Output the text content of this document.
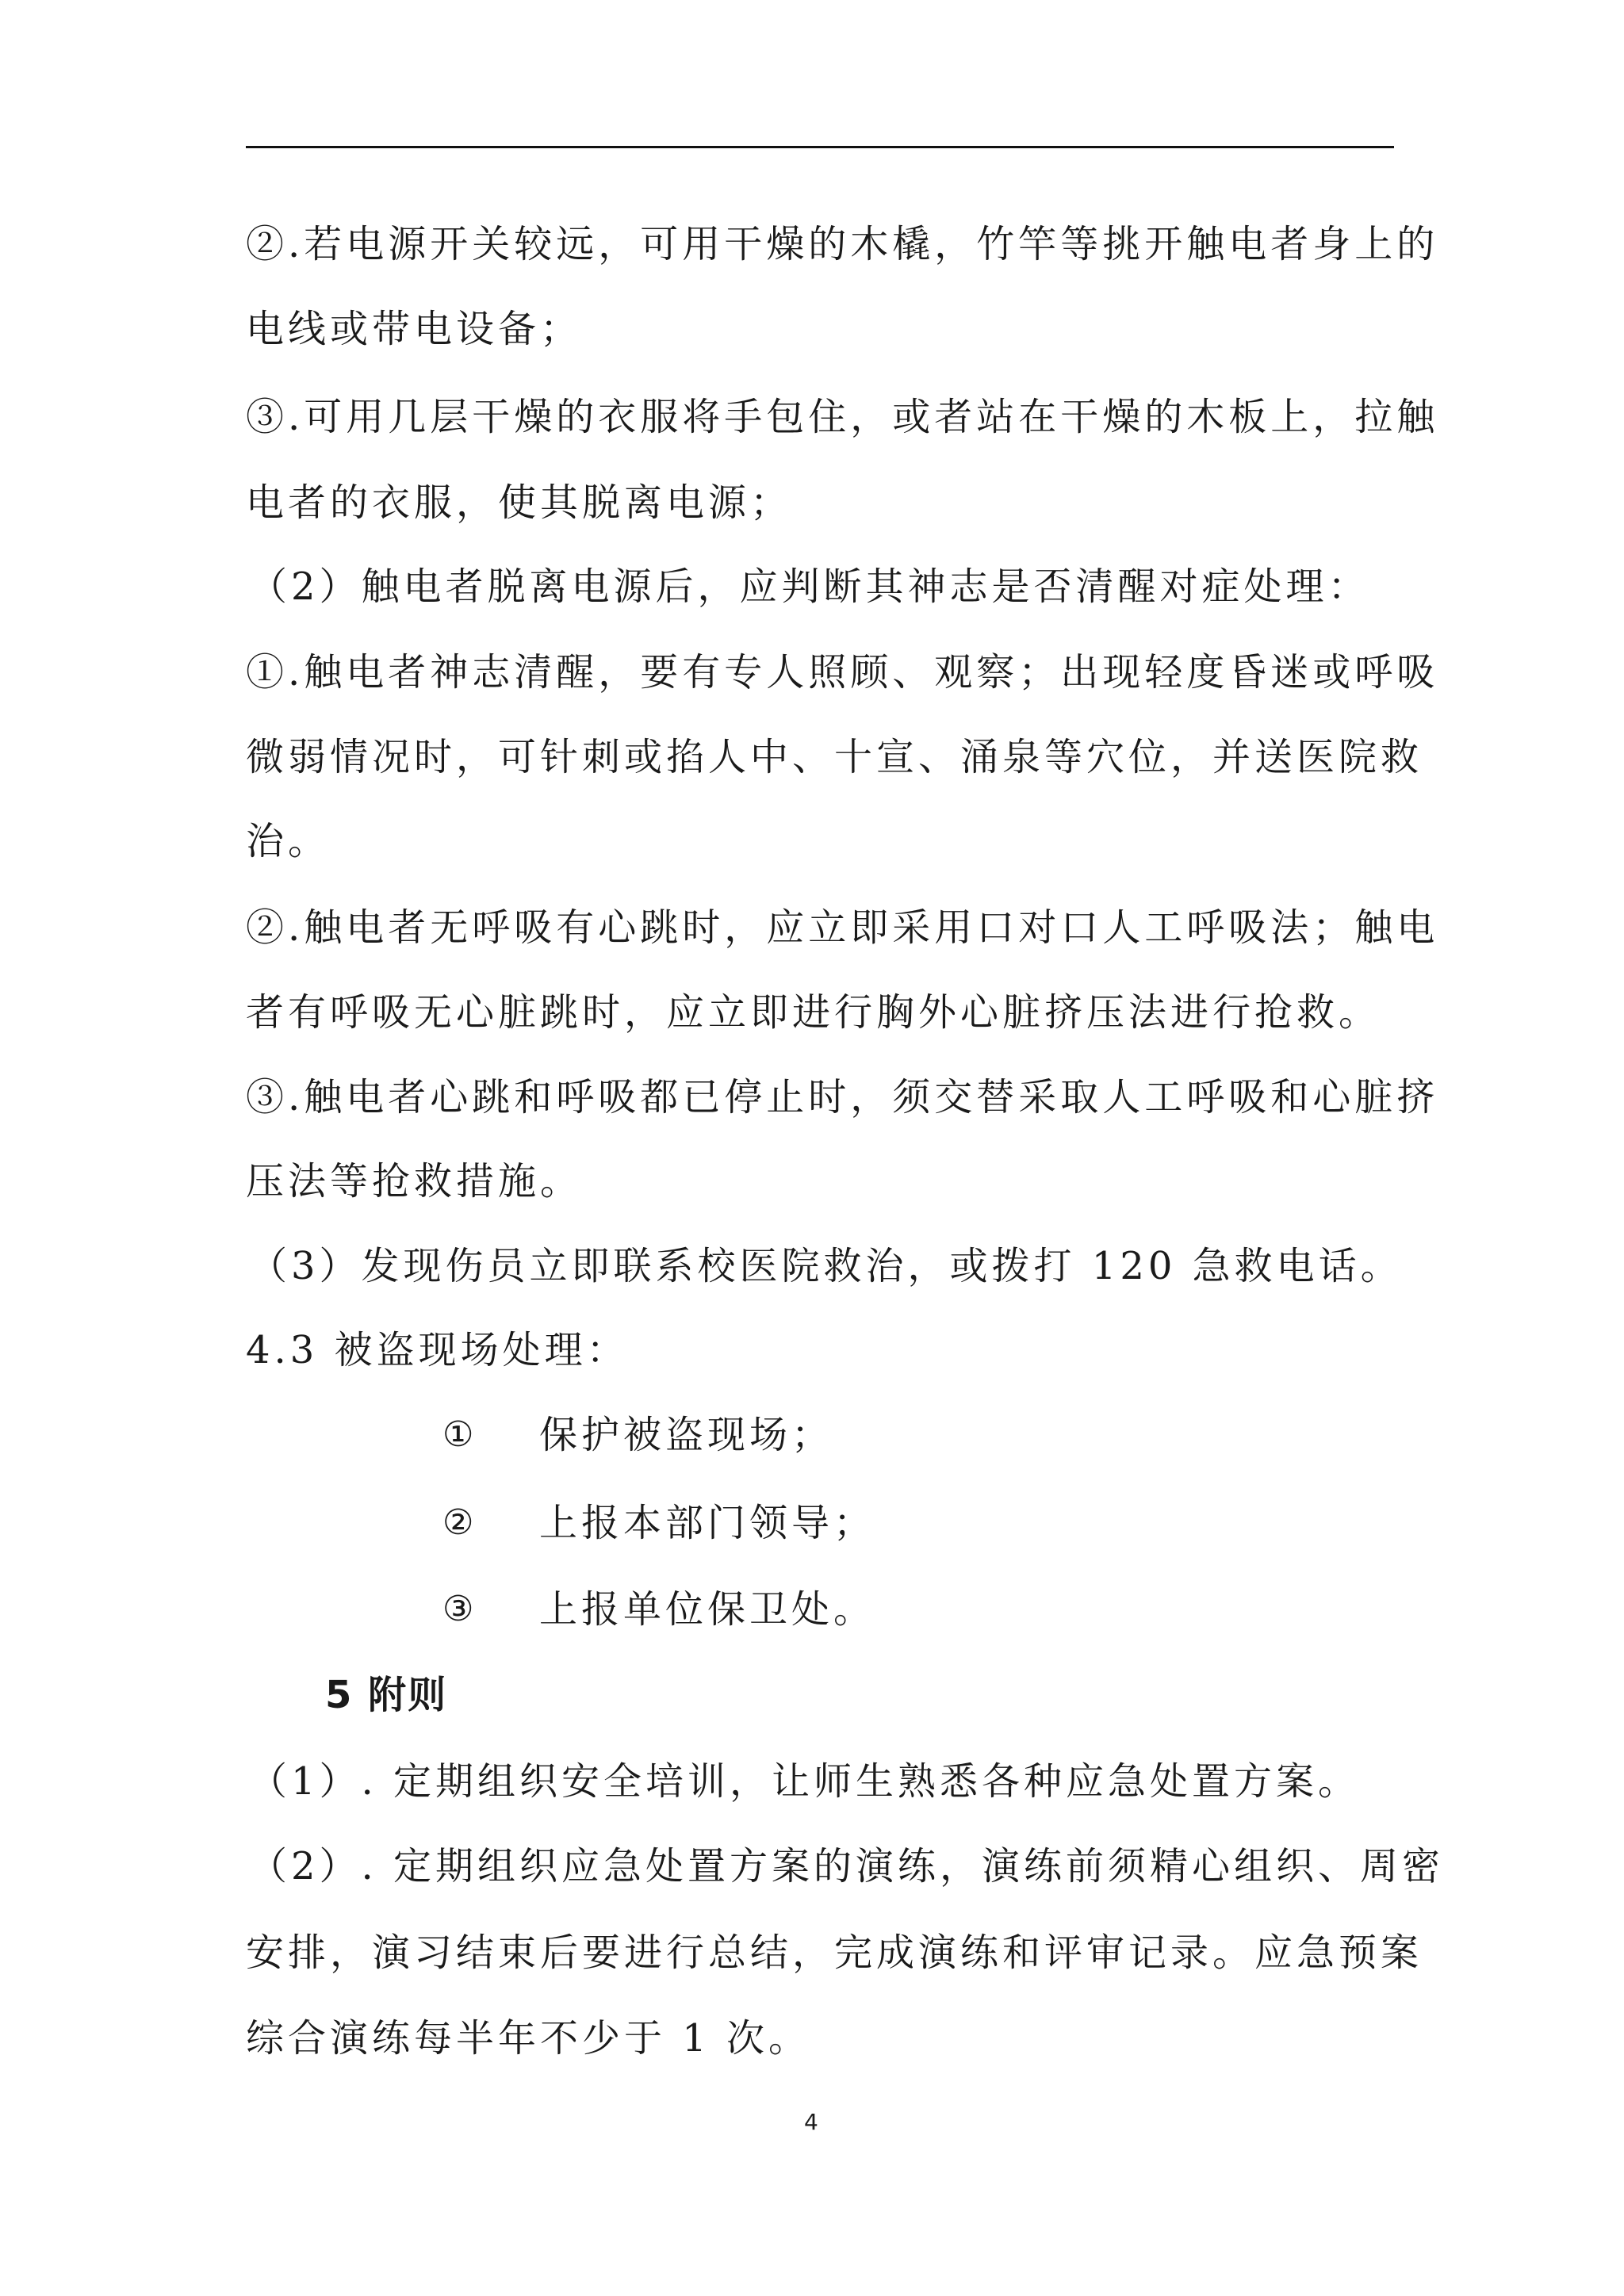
②.若电源开关较远，可用干燥的木橇，竹竿等挑开触电者身上的
电线或带电设备；
③.可用几层干燥的衣服将手包住，或者站在干燥的木板上，拉触
电者的衣服，使其脱离电源；
（2）触电者脱离电源后，应判断其神志是否清醒对症处理：
①.触电者神志清醒，要有专人照顾、观察；出现轻度昏迷或呼吸
微弱情况时，可针刺或掐人中、十宣、涌泉等穴位，并送医院救
治。
②.触电者无呼吸有心跳时，应立即采用口对口人工呼吸法；触电
者有呼吸无心脏跳时，应立即进行胸外心脏挤压法进行抢救。
③.触电者心跳和呼吸都已停止时，须交替采取人工呼吸和心脏挤
压法等抢救措施。
（3）发现伤员立即联系校医院救治，或拨打 120 急救电话。
4.3 被盗现场处理：
① 保护被盗现场；
② 上报本部门领导；
③ 上报单位保卫处。
5 附则
（1）. 定期组织安全培训，让师生熟悉各种应急处置方案。
（2）. 定期组织应急处置方案的演练，演练前须精心组织、周密
安排，演习结束后要进行总结，完成演练和评审记录。应急预案
综合演练每半年不少于 1 次。
4
